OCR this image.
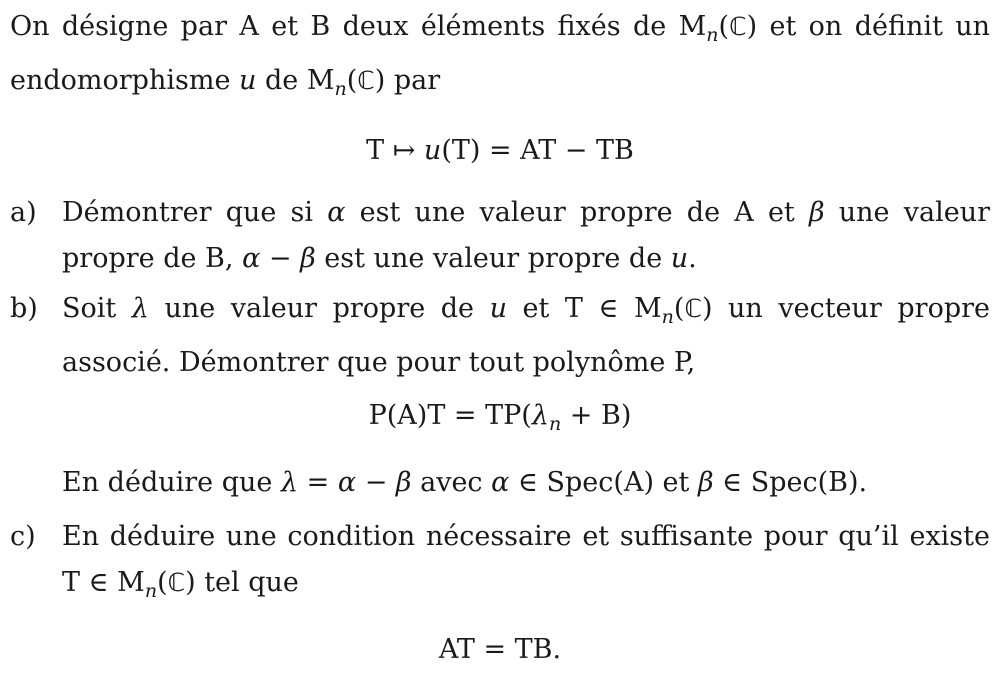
On désigne par A et B deux éléments fixés de $M_n(ℂ)$ et on définit un endomorphisme u de $M_n(ℂ)$ par
T ↦ u(T) = AT − TB
a) Démontrer que si α est une valeur propre de A et β une valeur propre de B, α − β est une valeur propre de u.
b) Soit λ une valeur propre de u et T ∈ $M_n(ℂ)$ un vecteur propre associé. Démontrer que pour tout polynôme P,
$P(A)T = TP(\lambda_n + B)$
En déduire que λ = α − β avec α ∈ Spec(A) et β ∈ Spec(B).
c) En déduire une condition nécessaire et suffisante pour qu’il existe T ∈ $M_n(ℂ)$ tel que
AT = TB.
